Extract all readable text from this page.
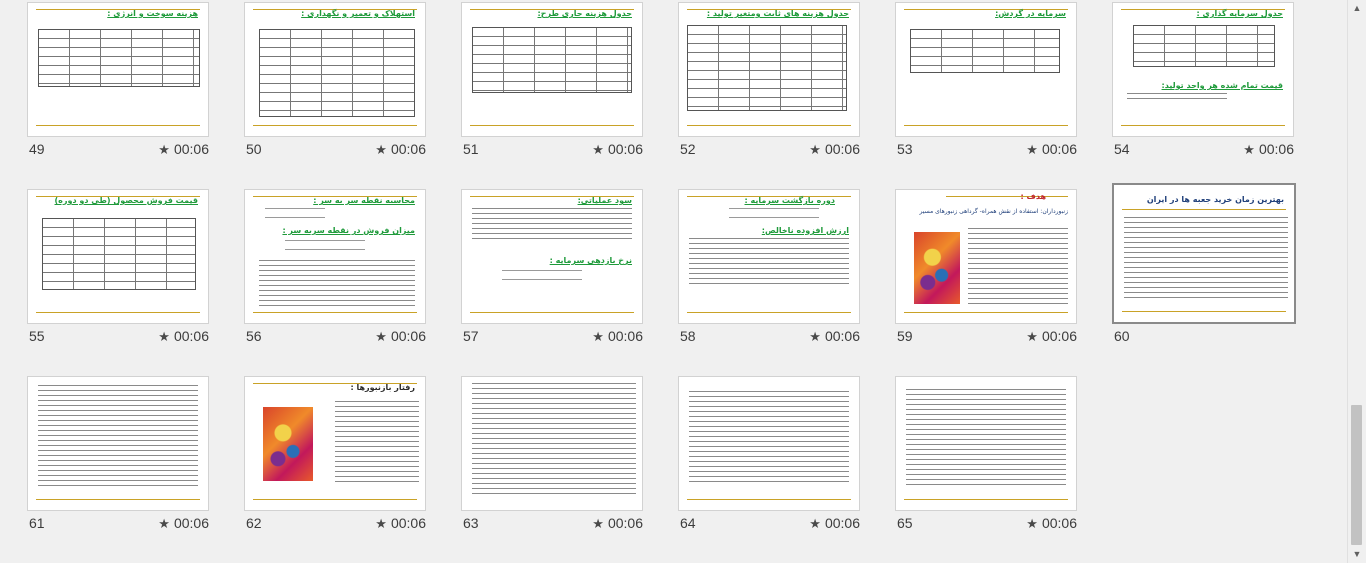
هزینه سوخت و انرژی :
49	★ 00:06
استهلاک و تعمیر و نگهداری :
50	★ 00:06
جدول هزینه جاری طرح:
51	★ 00:06
جدول هزینه های ثابت ومتغیر تولید :
52	★ 00:06
سرمایه در گردش:
53	★ 00:06
جدول سرمایه گذاری :
قیمت تمام شده هر واحد تولید:
54	★ 00:06
قیمت فروش محصول (طی دو دوره)
55	★ 00:06
محاسبه نقطه سر به سر :
میزان فروش در نقطه سربه سر :
56	★ 00:06
سود عملیاتی:
نرخ بازدهی سرمایه :
57	★ 00:06
دوره بازگشت سرمایه :
ارزش افزوده ناخالص:
58	★ 00:06
هدف :
زنبورداران: استفاده از نقش همراه- گرداهی زنبورهای مسیر
59	★ 00:06
بهترین زمان خرید جعبه ها در ایران
60
61	★ 00:06
رفتار بازنبورها :
62	★ 00:06	63	★ 00:06	64	★ 00:06	65	★ 00:06
▲
▼
